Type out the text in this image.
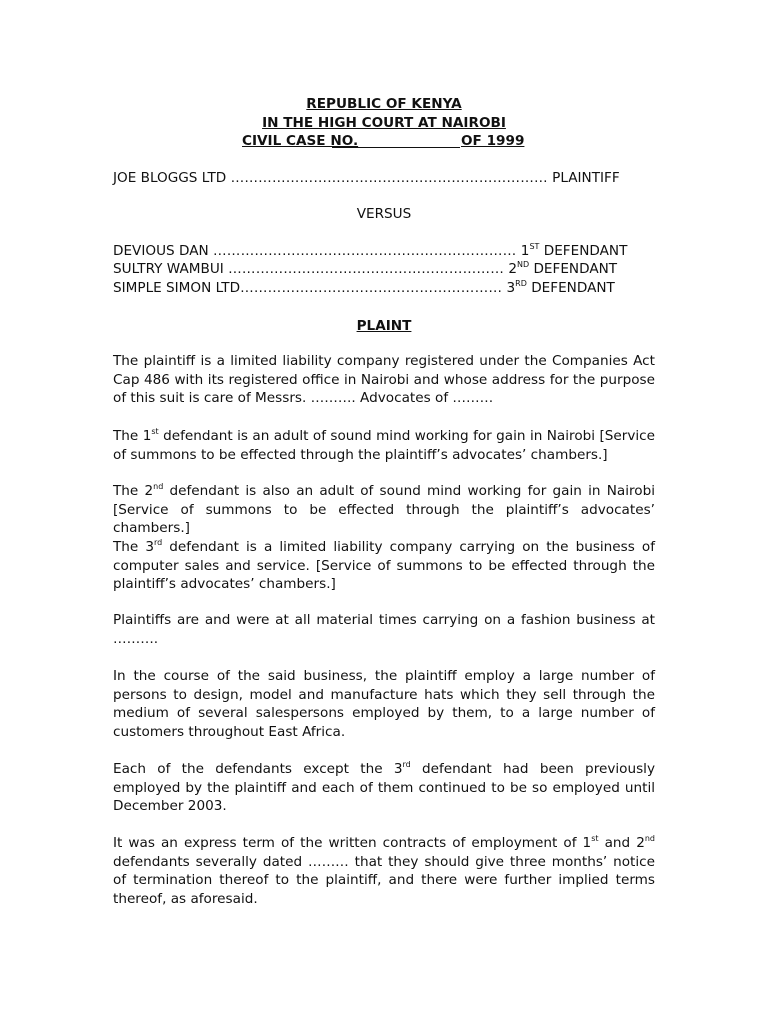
REPUBLIC OF KENYA
IN THE HIGH COURT AT NAIROBI
CIVIL CASE NO.	OF 1999
JOE BLOGGS LTD …………………………………………………………… PLAINTIFF
VERSUS
DEVIOUS DAN ………………………………………………………… 1ST DEFENDANT
SULTRY WAMBUI …………………………………………………… 2ND DEFENDANT
SIMPLE SIMON LTD………………………………………………… 3RD DEFENDANT
PLAINT

The plaintiff is a limited liability company registered under the Companies Act Cap 486 with its registered office in Nairobi and whose address for the purpose of this suit is care of Messrs. ………. Advocates of ………

The 1st defendant is an adult of sound mind working for gain in Nairobi [Service of summons to be effected through the plaintiff’s advocates’ chambers.]

The 2nd defendant is also an adult of sound mind working for gain in Nairobi [Service of summons to be effected through the plaintiff’s advocates’ chambers.]

The 3rd defendant is a limited liability company carrying on the business of computer sales and service. [Service of summons to be effected through the plaintiff’s advocates’ chambers.]

Plaintiffs are and were at all material times carrying on a fashion business at ……….

In the course of the said business, the plaintiff employ a large number of persons to design, model and manufacture hats which they sell through the medium of several salespersons employed by them, to a large number of customers throughout East Africa.

Each of the defendants except the 3rd defendant had been previously employed by the plaintiff and each of them continued to be so employed until December 2003.

It was an express term of the written contracts of employment of 1st and 2nd defendants severally dated ……… that they should give three months’ notice of termination thereof to the plaintiff, and there were further implied terms thereof, as aforesaid.
